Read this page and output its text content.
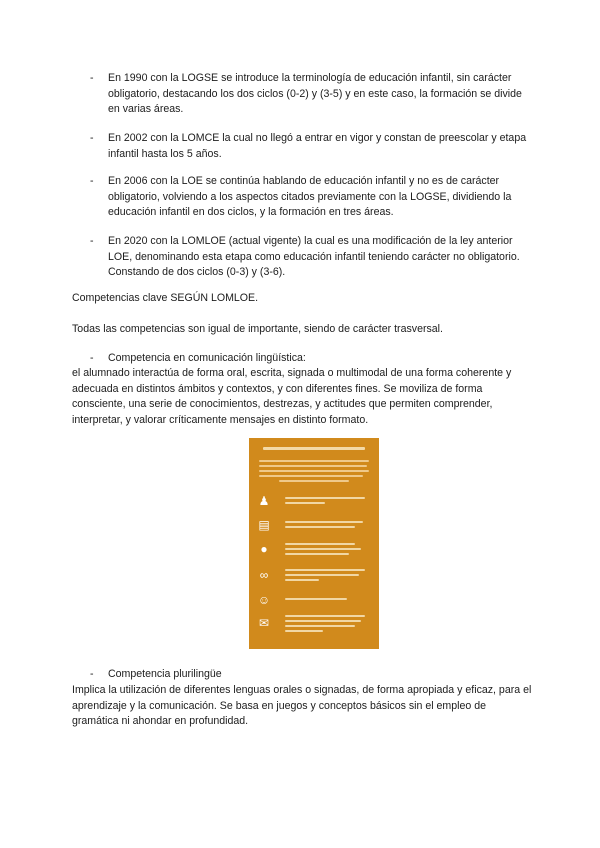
- En 1990 con la LOGSE se introduce la terminología de educación infantil, sin carácter obligatorio, destacando los dos ciclos (0-2) y (3-5) y en este caso, la formación se divide en varias áreas.
- En 2002 con la LOMCE la cual no llegó a entrar en vigor y constan de preescolar y etapa infantil hasta los 5 años.
- En 2006 con la LOE se continúa hablando de educación infantil y no es de carácter obligatorio, volviendo a los aspectos citados previamente con la LOGSE, dividiendo la educación infantil en dos ciclos, y la formación en tres áreas.
- En 2020 con la LOMLOE (actual vigente) la cual es una modificación de la ley anterior LOE, denominando esta etapa como educación infantil teniendo carácter no obligatorio. Constando de dos ciclos (0-3) y (3-6).
Competencias clave SEGÚN LOMLOE.
Todas las competencias son igual de importante, siendo de carácter trasversal.
- Competencia en comunicación lingüística:
el alumnado interactúa de forma oral, escrita, signada o multimodal de una forma coherente y adecuada en distintos ámbitos y contextos, y con diferentes fines. Se moviliza de forma consciente, una serie de conocimientos, destrezas, y actitudes que permiten comprender, interpretar, y valorar críticamente mensajes en distinto formato.
♟
▤
●
∞
☺
✉
- Competencia plurilingüe
Implica la utilización de diferentes lenguas orales o signadas, de forma apropiada y eficaz, para el aprendizaje y la comunicación. Se basa en juegos y conceptos básicos sin el empleo de gramática ni ahondar en profundidad.
